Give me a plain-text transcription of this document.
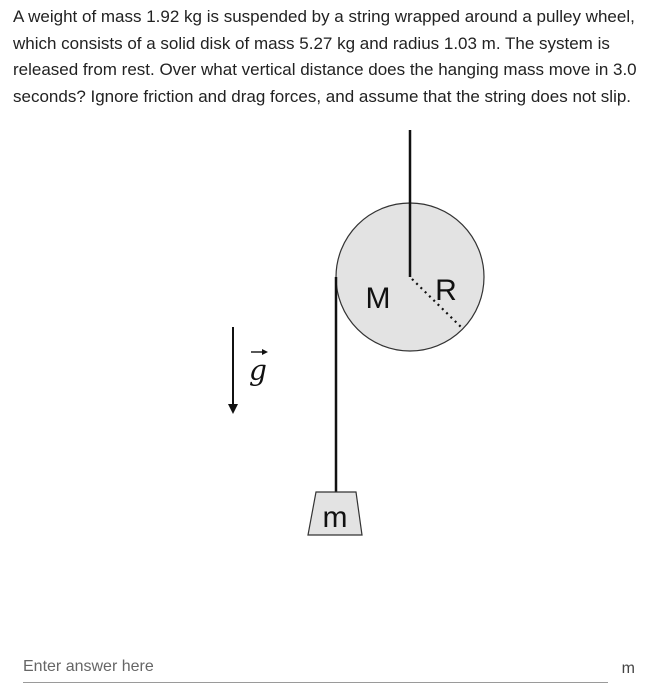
A weight of mass 1.92 kg is suspended by a string wrapped around a pulley wheel, which consists of a solid disk of mass 5.27 kg and radius 1.03 m. The system is released from rest. Over what vertical distance does the hanging mass move in 3.0 seconds? Ignore friction and drag forces, and assume that the string does not slip.

M R
m
g
Enter answer here
m
